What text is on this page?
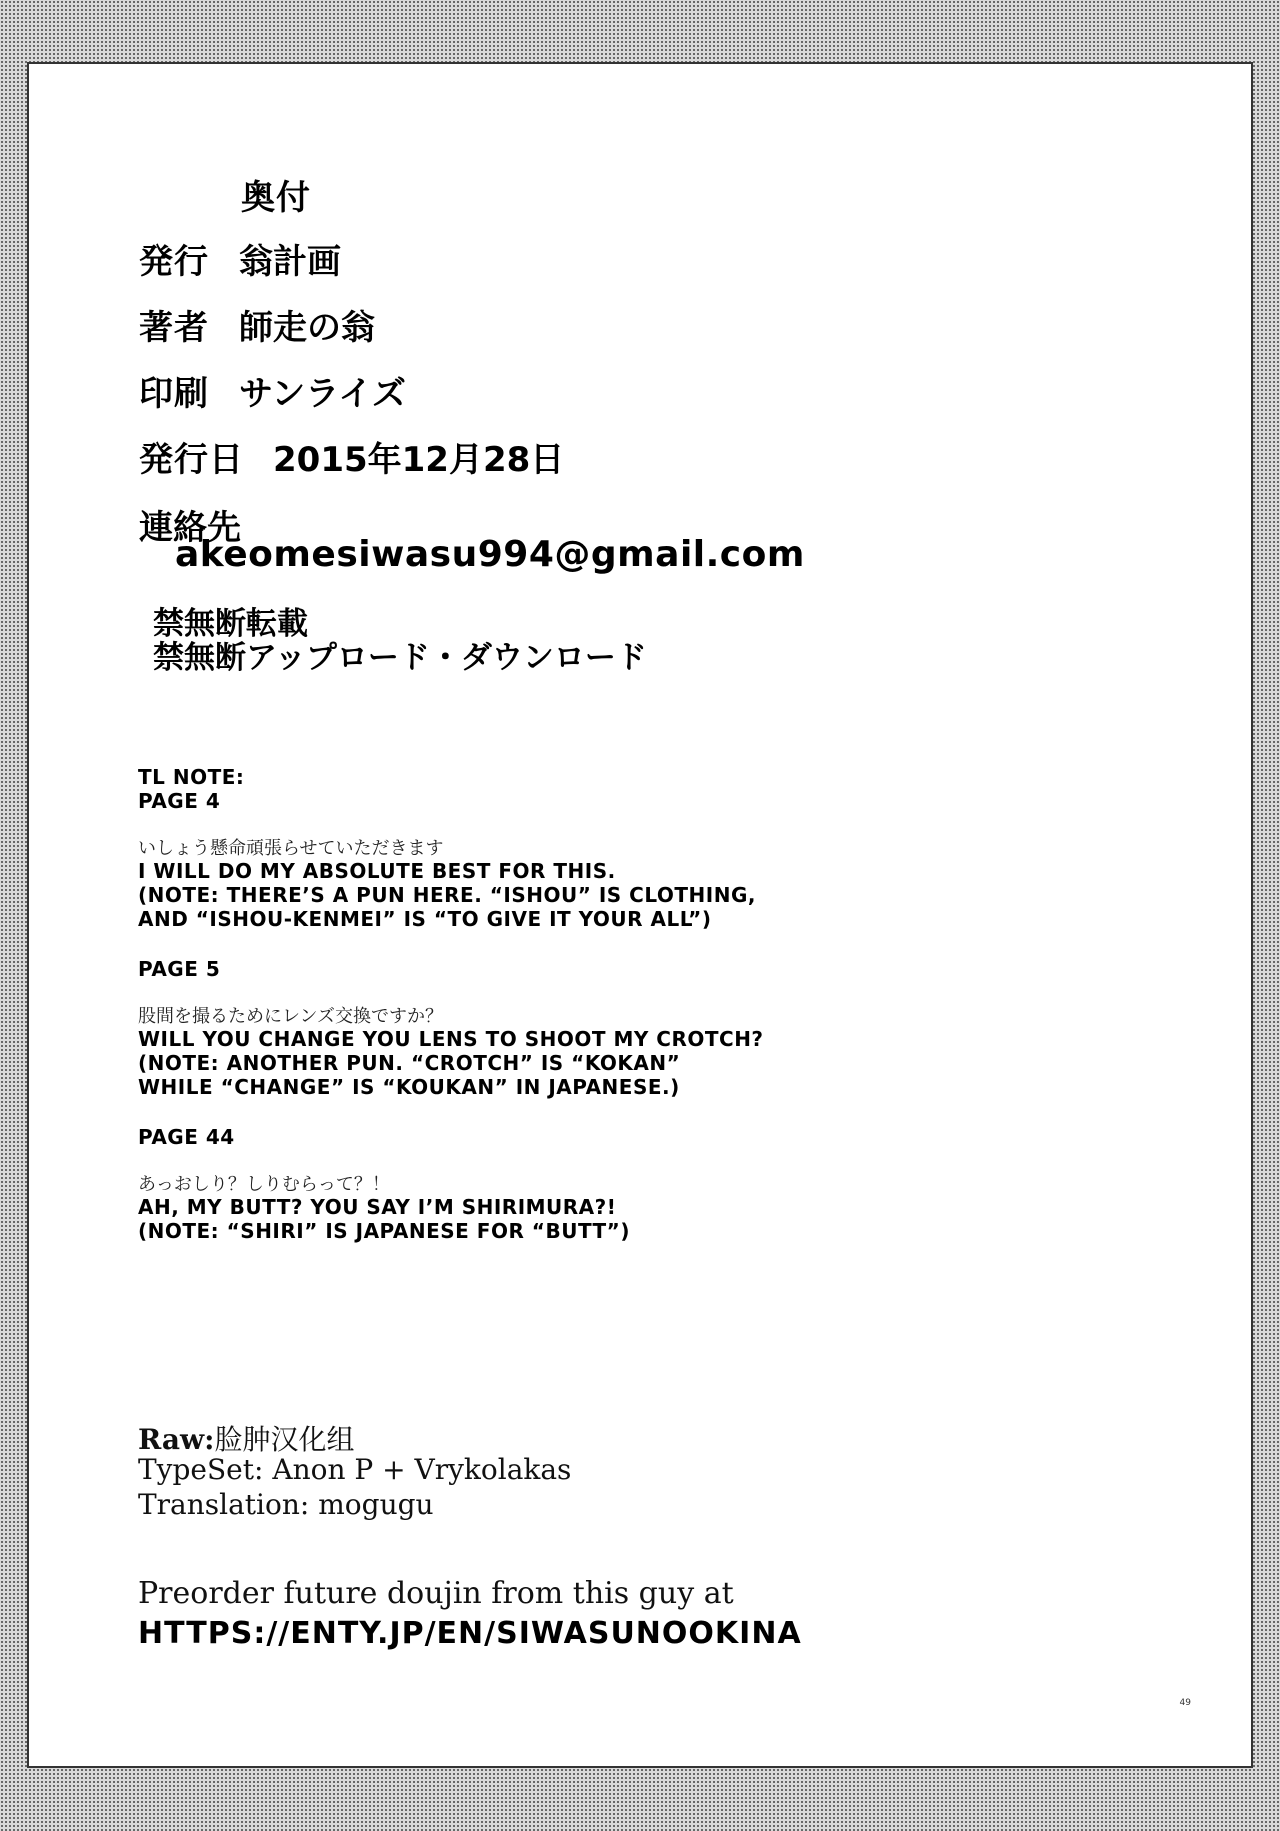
奥付
発行 翁計画
著者 師走の翁
印刷 サンライズ
発行日 2015年12月28日
連絡先
akeomesiwasu994@gmail.com
禁無断転載
禁無断アップロード・ダウンロード
TL NOTE:
PAGE 4
いしょう懸命頑張らせていただきます
I WILL DO MY ABSOLUTE BEST FOR THIS.
(NOTE: THERE’S A PUN HERE. “ISHOU” IS CLOTHING,
AND “ISHOU-KENMEI” IS “TO GIVE IT YOUR ALL”)
PAGE 5
股間を撮るためにレンズ交換ですか？
WILL YOU CHANGE YOU LENS TO SHOOT MY CROTCH?
(NOTE: ANOTHER PUN. “CROTCH” IS “KOKAN”
WHILE “CHANGE” IS “KOUKAN” IN JAPANESE.)
PAGE 44
あっおしり？しりむらって？！
AH, MY BUTT? YOU SAY I’M SHIRIMURA?!
(NOTE: “SHIRI” IS JAPANESE FOR “BUTT”)
Raw:脸肿汉化组
TypeSet: Anon P + Vrykolakas
Translation: mogugu
Preorder future doujin from this guy at
HTTPS://ENTY.JP/EN/SIWASUNOOKINA
49
